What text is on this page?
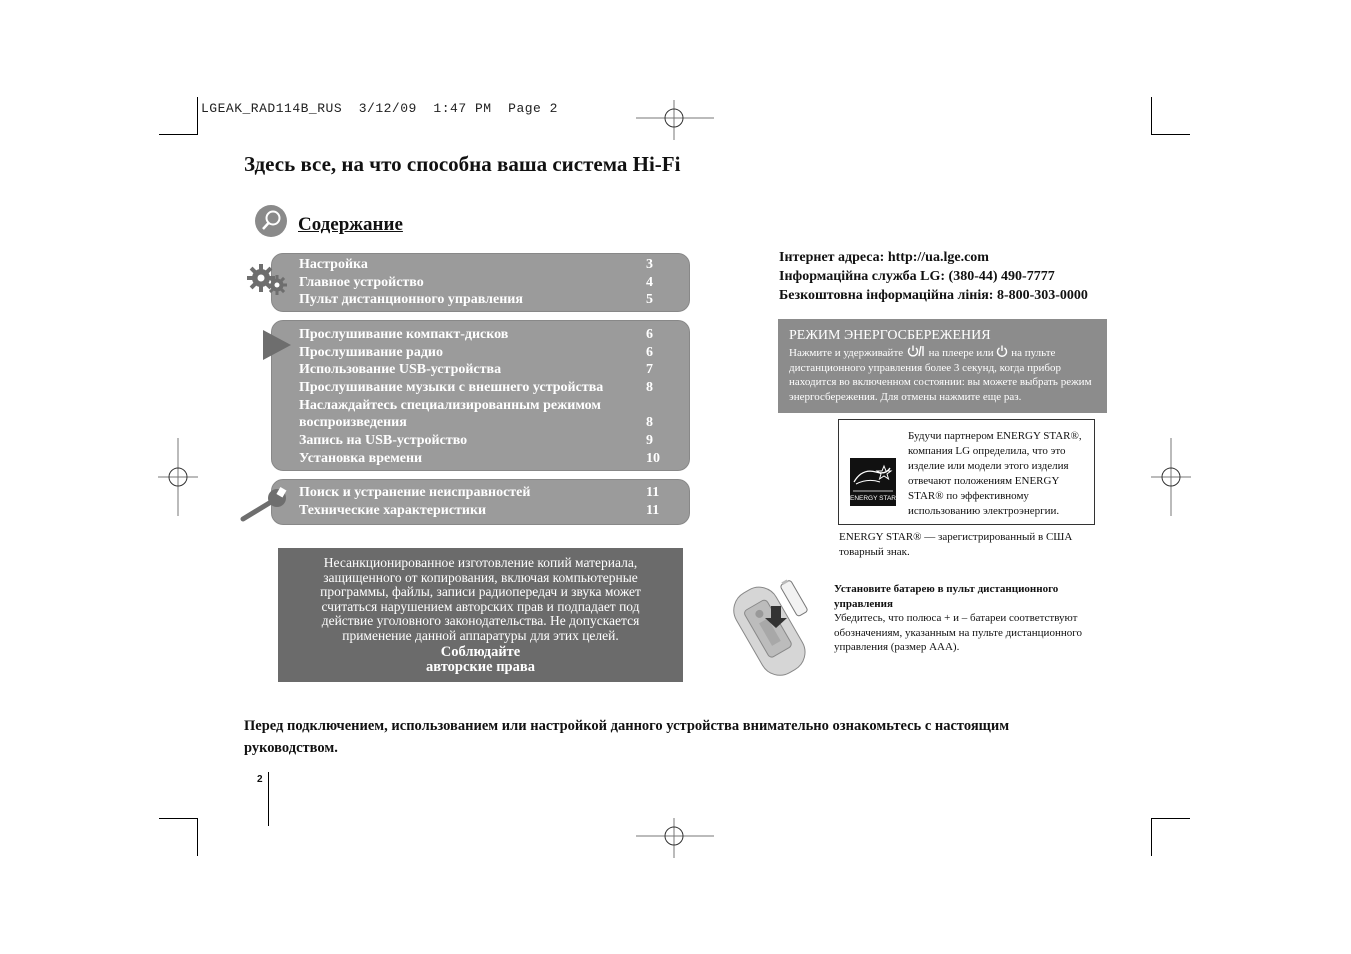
LGEAK_RAD114B_RUS  3/12/09  1:47 PM  Page 2
Здесь все, на что способна ваша система Hi-Fi
Содержание
Настройка	3
Главное устройство	4
Пульт дистанционного управления	5
Прослушивание компакт-дисков	6
Прослушивание радио	6
Использование USB-устройства	7
Прослушивание музыки с внешнего устройства	8
Наслаждайтесь специализированным режимом
воспроизведения	8
Запись на USB-устройство	9
Установка времени	10
Поиск и устранение неисправностей	11
Технические характеристики	11
Несанкционированное изготовление копий материала, защищенного от копирования, включая компьютерные программы, файлы, записи радиопередач и звука может считаться нарушением авторских прав и подпадает под действие уголовного законодательства. Не допускается применение данной аппаратуры для этих целей.
Соблюдайте
авторские права
Інтернет адреса: http://ua.lge.com
Інформаційна служба LG: (380-44) 490-7777
Безкоштовна інформаційна лінія: 8-800-303-0000
РЕЖИМ ЭНЕРГОСБЕРЕЖЕНИЯ
Нажмите и удерживайте на плеере или на пульте дистанционного управления более 3 секунд, когда прибор находится во включенном состоянии: вы можете выбрать режим энергосбережения. Для отмены нажмите еще раз.
ENERGY STAR
Будучи партнером ENERGY STAR®, компания LG определила, что это изделие или модели этого изделия отвечают положениям ENERGY STAR® по эффективному использованию электроэнергии.
ENERGY STAR® — зарегистрированный в США товарный знак.
Установите батарею в пульт дистанционного управления
Убедитесь, что полюса + и – батареи соответствуют обозначениям, указанным на пульте дистанционного управления (размер AAA).
Перед подключением, использованием или настройкой данного устройства внимательно ознакомьтесь с настоящим руководством.
2
